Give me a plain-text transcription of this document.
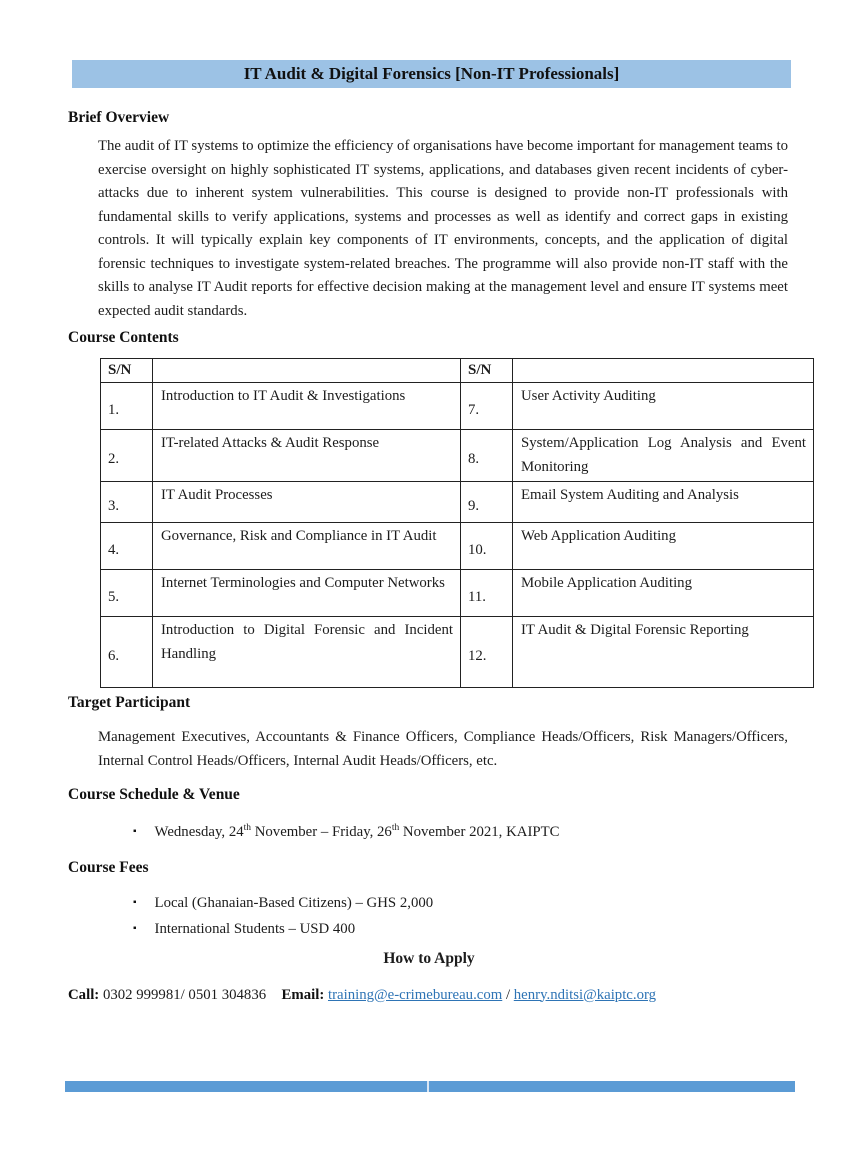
IT Audit & Digital Forensics [Non-IT Professionals]
Brief Overview
The audit of IT systems to optimize the efficiency of organisations have become important for management teams to exercise oversight on highly sophisticated IT systems, applications, and databases given recent incidents of cyber-attacks due to inherent system vulnerabilities. This course is designed to provide non-IT professionals with fundamental skills to verify applications, systems and processes as well as identify and correct gaps in existing controls. It will typically explain key components of IT environments, concepts, and the application of digital forensic techniques to investigate system-related breaches. The programme will also provide non-IT staff with the skills to analyse IT Audit reports for effective decision making at the management level and ensure IT systems meet expected audit standards.
Course Contents
S/N		S/N	
1.	Introduction to IT Audit & Investigations	7.	User Activity Auditing
2.	IT-related Attacks & Audit Response	8.	System/Application Log Analysis and Event Monitoring
3.	IT Audit Processes	9.	Email System Auditing and Analysis
4.	Governance, Risk and Compliance in IT Audit	10.	Web Application Auditing
5.	Internet Terminologies and Computer Networks	11.	Mobile Application Auditing
6.	Introduction to Digital Forensic and Incident Handling	12.	IT Audit & Digital Forensic Reporting
Target Participant
Management Executives, Accountants & Finance Officers, Compliance Heads/Officers, Risk Managers/Officers, Internal Control Heads/Officers, Internal Audit Heads/Officers, etc.
Course Schedule & Venue
▪ Wednesday, 24th November – Friday, 26th November 2021, KAIPTC
Course Fees
▪ Local (Ghanaian-Based Citizens) – GHS 2,000
▪ International Students – USD 400
How to Apply
Call: 0302 999981/ 0501 304836 Email: training@e-crimebureau.com / henry.nditsi@kaiptc.org
